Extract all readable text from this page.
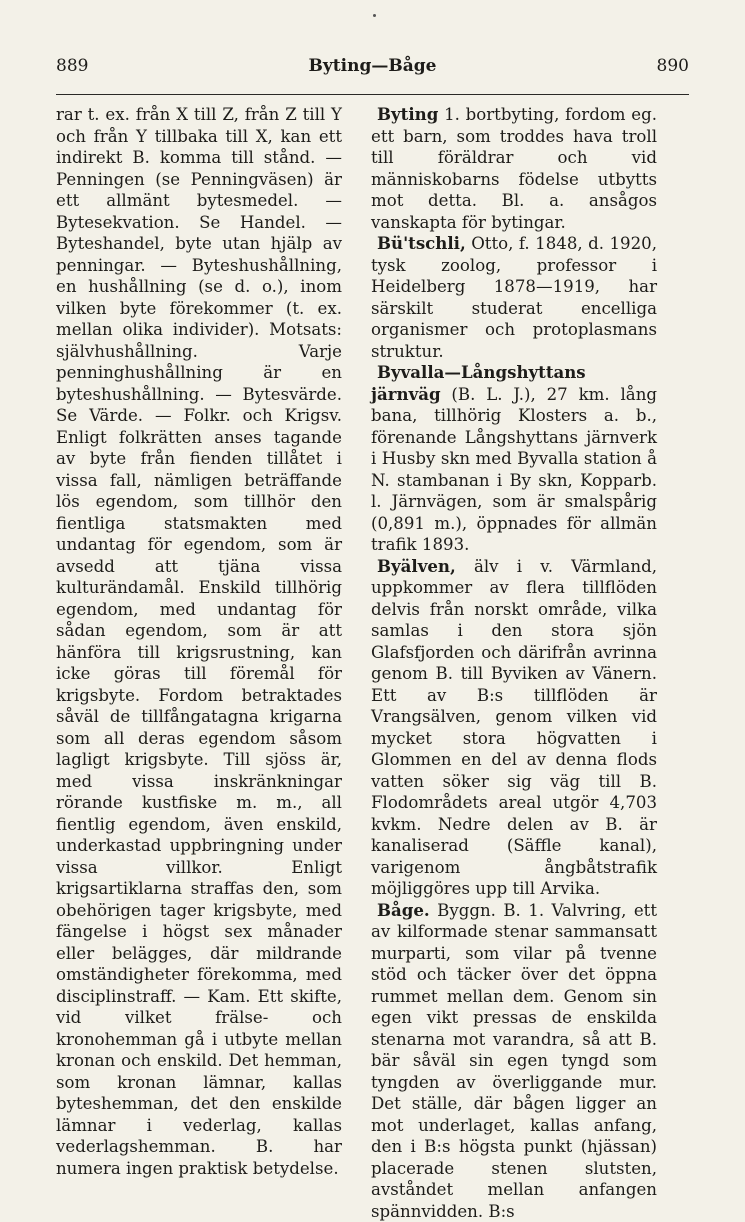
889	Byting—Båge	890

rar t. ex. från X till Z, från Z till Y och från Y tillbaka till X, kan ett indirekt B. komma till stånd. — Penningen (se Penningväsen) är ett allmänt bytesmedel. — Bytesekvation. Se Handel. — Byteshandel, byte utan hjälp av penningar. — Byteshushållning, en hushållning (se d. o.), inom vilken byte förekommer (t. ex. mellan olika individer). Motsats: självhushållning. Varje penninghushållning är en byteshushållning. — Bytesvärde. Se Värde. — Folkr. och Krigsv. Enligt folkrätten anses tagande av byte från fienden tillåtet i vissa fall, nämligen beträffande lös egendom, som tillhör den fientliga statsmakten med undantag för egendom, som är avsedd att tjäna vissa kulturändamål. Enskild tillhörig egendom, med undantag för sådan egendom, som är att hänföra till krigsrustning, kan icke göras till föremål för krigsbyte. Fordom betraktades såväl de tillfångatagna krigarna som all deras egendom såsom lagligt krigsbyte. Till sjöss är, med vissa inskränkningar rörande kustfiske m. m., all fientlig egendom, även enskild, underkastad uppbringning under vissa villkor. Enligt krigsartiklarna straffas den, som obehörigen tager krigsbyte, med fängelse i högst sex månader eller belägges, där mildrande omständigheter förekomma, med disciplinstraff. — Kam. Ett skifte, vid vilket frälse- och kronohemman gå i utbyte mellan kronan och enskild. Det hemman, som kronan lämnar, kallas byteshemman, det den enskilde lämnar i vederlag, kallas vederlagshemman. B. har numera ingen praktisk betydelse.

Byting 1. bortbyting, fordom eg. ett barn, som troddes hava troll till föräldrar och vid människobarns födelse utbytts mot detta. Bl. a. ansågos vanskapta för bytingar.

Bü'tschli, Otto, f. 1848, d. 1920, tysk zoolog, professor i Heidelberg 1878—1919, har särskilt studerat encelliga organismer och protoplasmans struktur.

Byvalla—Långshyttans järnväg (B. L. J.), 27 km. lång bana, tillhörig Klosters a. b., förenande Långshyttans järnverk i Husby skn med Byvalla station å N. stambanan i By skn, Kopparb. l. Järnvägen, som är smalspårig (0,891 m.), öppnades för allmän trafik 1893.

Byälven, älv i v. Värmland, uppkommer av flera tillflöden delvis från norskt område, vilka samlas i den stora sjön Glafsfjorden och därifrån avrinna genom B. till Byviken av Vänern. Ett av B:s tillflöden är Vrangsälven, genom vilken vid mycket stora högvatten i Glommen en del av denna flods vatten söker sig väg till B. Flodområdets areal utgör 4,703 kvkm. Nedre delen av B. är kanaliserad (Säffle kanal), varigenom ångbåtstrafik möjliggöres upp till Arvika.

Båge. Byggn. B. 1. Valvring, ett av kilformade stenar sammansatt murparti, som vilar på tvenne stöd och täcker över det öppna rummet mellan dem. Genom sin egen vikt pressas de enskilda stenarna mot varandra, så att B. bär såväl sin egen tyngd som tyngden av överliggande mur. Det ställe, där bågen ligger an mot underlaget, kallas anfang, den i B:s högsta punkt (hjässan) placerade stenen slutsten, avståndet mellan anfangen spännvidden. B:s
